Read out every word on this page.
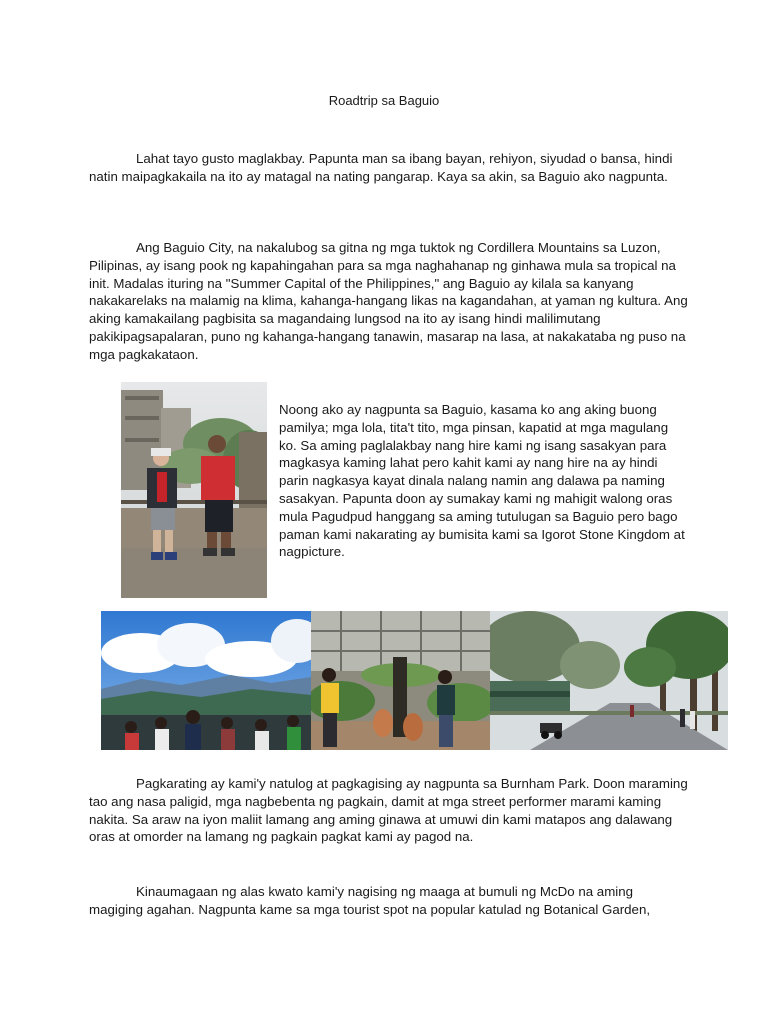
Roadtrip sa Baguio

Lahat tayo gusto maglakbay. Papunta man sa ibang bayan, rehiyon, siyudad o bansa, hindi natin maipagkakaila na ito ay matagal na nating pangarap. Kaya sa akin, sa Baguio ako nagpunta.

Ang Baguio City, na nakalubog sa gitna ng mga tuktok ng Cordillera Mountains sa Luzon, Pilipinas, ay isang pook ng kapahingahan para sa mga naghahanap ng ginhawa mula sa tropical na init. Madalas ituring na "Summer Capital of the Philippines," ang Baguio ay kilala sa kanyang nakakarelaks na malamig na klima, kahanga-hangang likas na kagandahan, at yaman ng kultura. Ang aking kamakailang pagbisita sa magandaing lungsod na ito ay isang hindi malilimutang pakikipagsapalaran, puno ng kahanga-hangang tanawin, masarap na lasa, at nakakataba ng puso na mga pagkakataon.

Noong ako ay nagpunta sa Baguio, kasama ko ang aking buong pamilya; mga lola, tita't tito, mga pinsan, kapatid at mga magulang ko. Sa aming paglalakbay nang hire kami ng isang sasakyan para magkasya kaming lahat pero kahit kami ay nang hire na ay hindi parin nagkasya kayat dinala nalang namin ang dalawa pa naming sasakyan. Papunta doon ay sumakay kami ng mahigit walong oras mula Pagudpud hanggang sa aming tutulugan sa Baguio pero bago paman kami nakarating ay bumisita kami sa Igorot Stone Kingdom at nagpicture.

Pagkarating ay kami'y natulog at pagkagising ay nagpunta sa Burnham Park. Doon maraming tao ang nasa paligid, mga nagbebenta ng pagkain, damit at mga street performer marami kaming nakita. Sa araw na iyon maliit lamang ang aming ginawa at umuwi din kami matapos ang dalawang oras at omorder na lamang ng pagkain pagkat kami ay pagod na.

Kinaumagaan ng alas kwato kami'y nagising ng maaga at bumuli ng McDo na aming magiging agahan. Nagpunta kame sa mga tourist spot na popular katulad ng Botanical Garden,
